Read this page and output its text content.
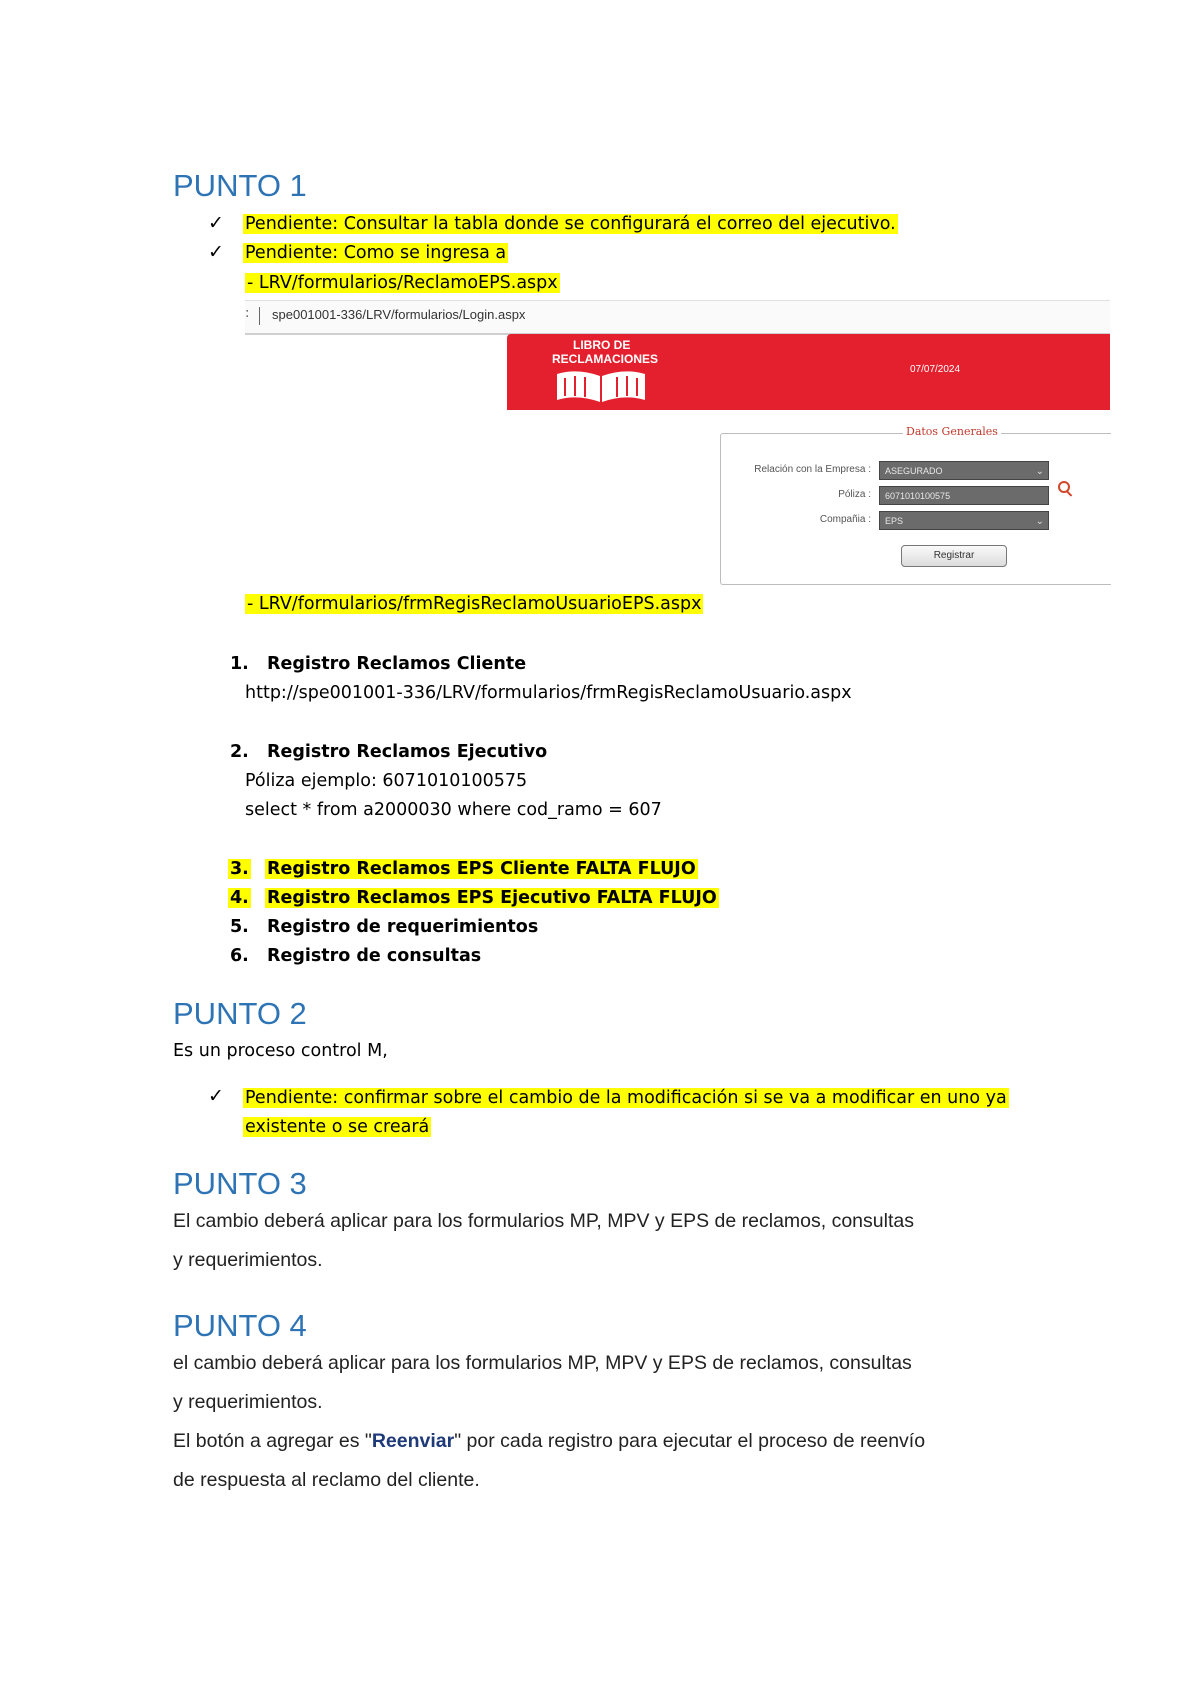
PUNTO 1
✓ Pendiente: Consultar la tabla donde se configurará el correo del ejecutivo.
✓ Pendiente: Como se ingresa a
- LRV/formularios/ReclamoEPS.aspx
: spe001001-336/LRV/formularios/Login.aspx
LIBRO DE
RECLAMACIONES
07/07/2024
Datos Generales
Relación con la Empresa :	ASEGURADO	⌄
Póliza :	6071010100575
Compañia :	EPS	⌄
Registrar
- LRV/formularios/frmRegisReclamoUsuarioEPS.aspx
1. Registro Reclamos Cliente
http://spe001001-336/LRV/formularios/frmRegisReclamoUsuario.aspx
2. Registro Reclamos Ejecutivo
Póliza ejemplo: 6071010100575
select * from a2000030 where cod_ramo = 607
3. Registro Reclamos EPS Cliente FALTA FLUJO
4. Registro Reclamos EPS Ejecutivo FALTA FLUJO
5. Registro de requerimientos
6. Registro de consultas
PUNTO 2
Es un proceso control M,
✓ Pendiente: confirmar sobre el cambio de la modificación si se va a modificar en uno ya
existente o se creará
PUNTO 3
El cambio deberá aplicar para los formularios MP, MPV y EPS de reclamos, consultas
y requerimientos.
PUNTO 4
el cambio deberá aplicar para los formularios MP, MPV y EPS de reclamos, consultas
y requerimientos.
El botón a agregar es "Reenviar" por cada registro para ejecutar el proceso de reenvío
de respuesta al reclamo del cliente.
